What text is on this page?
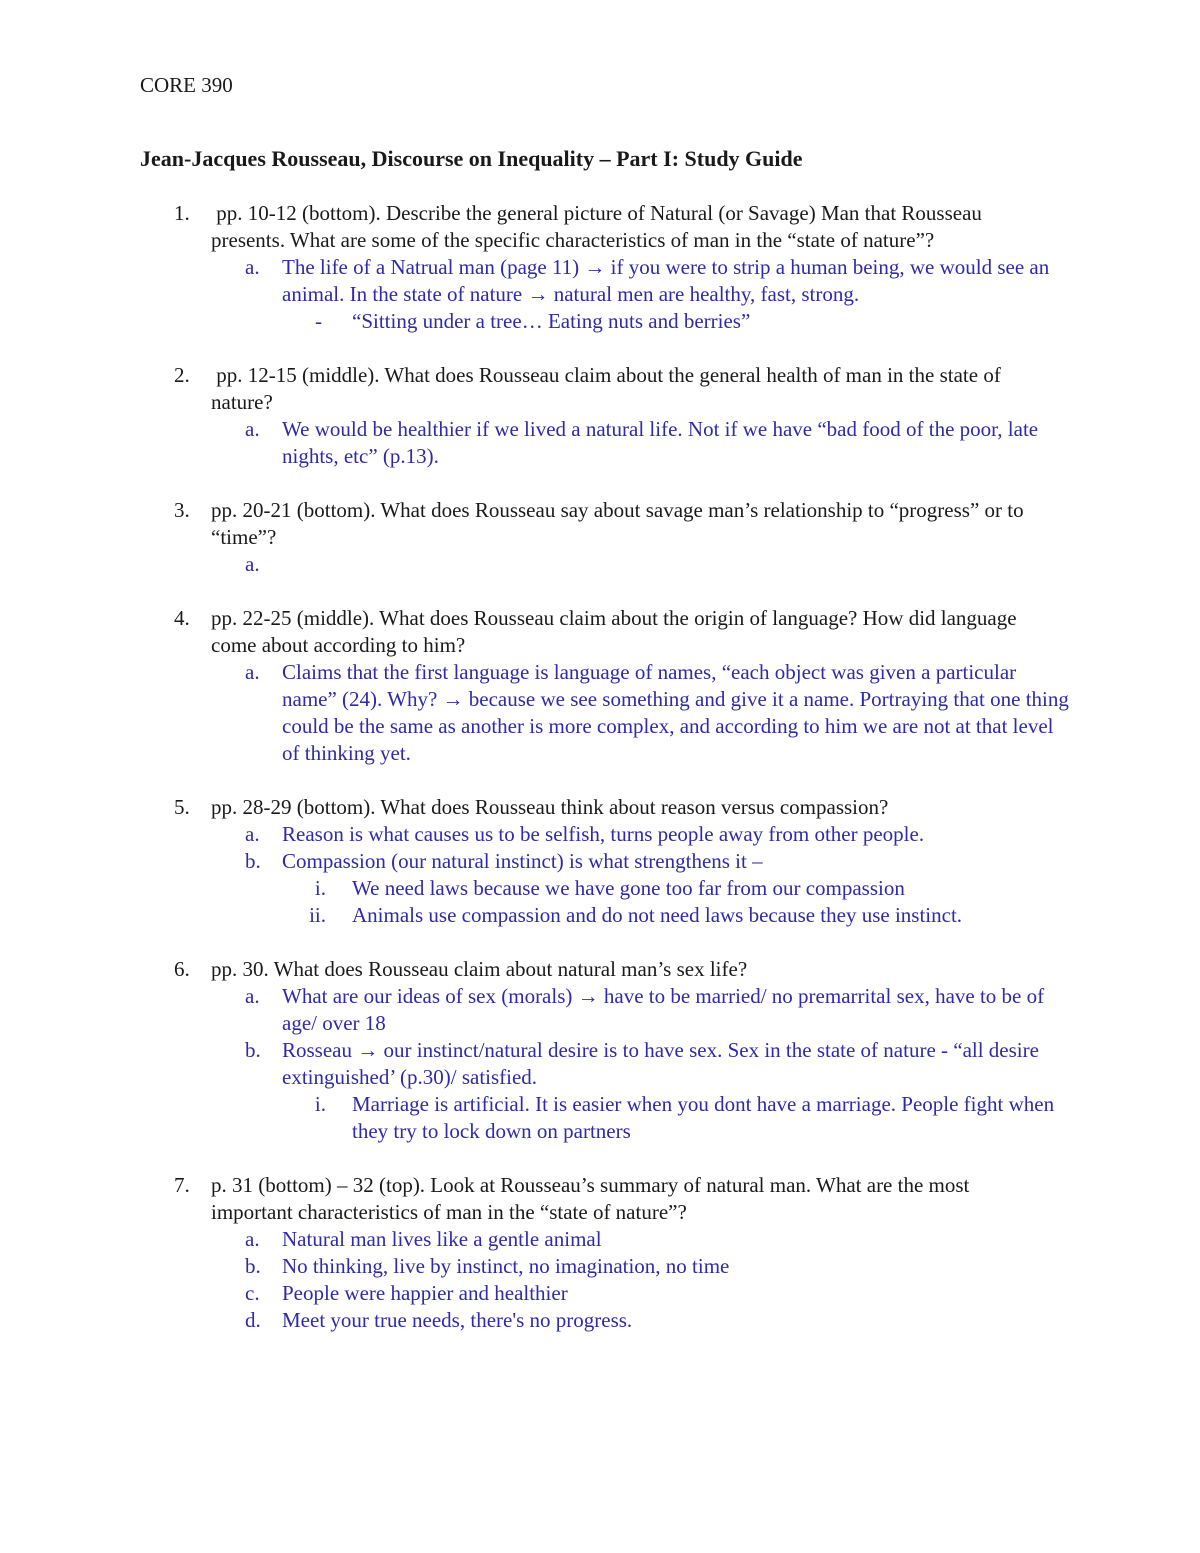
CORE 390
Jean-Jacques Rousseau, Discourse on Inequality – Part I: Study Guide
1.	pp. 10-12 (bottom). Describe the general picture of Natural (or Savage) Man that Rousseau presents. What are some of the specific characteristics of man in the “state of nature”?
a.	The life of a Natrual man (page 11) → if you were to strip a human being, we would see an animal. In the state of nature → natural men are healthy, fast, strong.
-	“Sitting under a tree… Eating nuts and berries”
2.	pp. 12-15 (middle). What does Rousseau claim about the general health of man in the state of nature?
a.	We would be healthier if we lived a natural life. Not if we have “bad food of the poor, late nights, etc” (p.13).
3.	pp. 20-21 (bottom). What does Rousseau say about savage man’s relationship to “progress” or to “time”?
a.

4.	pp. 22-25 (middle). What does Rousseau claim about the origin of language? How did language come about according to him?
a.	Claims that the first language is language of names, “each object was given a particular name” (24). Why? → because we see something and give it a name. Portraying that one thing could be the same as another is more complex, and according to him we are not at that level of thinking yet.
5.	pp. 28-29 (bottom). What does Rousseau think about reason versus compassion?
a.	Reason is what causes us to be selfish, turns people away from other people.
b.	Compassion (our natural instinct) is what strengthens it –
i. We need laws because we have gone too far from our compassion
ii. Animals use compassion and do not need laws because they use instinct.
6.	pp. 30. What does Rousseau claim about natural man’s sex life?
a.	What are our ideas of sex (morals) → have to be married/ no premarrital sex, have to be of age/ over 18
b.	Rosseau → our instinct/natural desire is to have sex. Sex in the state of nature - “all desire extinguished’ (p.30)/ satisfied.
i. Marriage is artificial. It is easier when you dont have a marriage. People fight when they try to lock down on partners
7.	p. 31 (bottom) – 32 (top). Look at Rousseau’s summary of natural man. What are the most important characteristics of man in the “state of nature”?
a.	Natural man lives like a gentle animal
b.	No thinking, live by instinct, no imagination, no time
c.	People were happier and healthier
d.	Meet your true needs, there's no progress.
